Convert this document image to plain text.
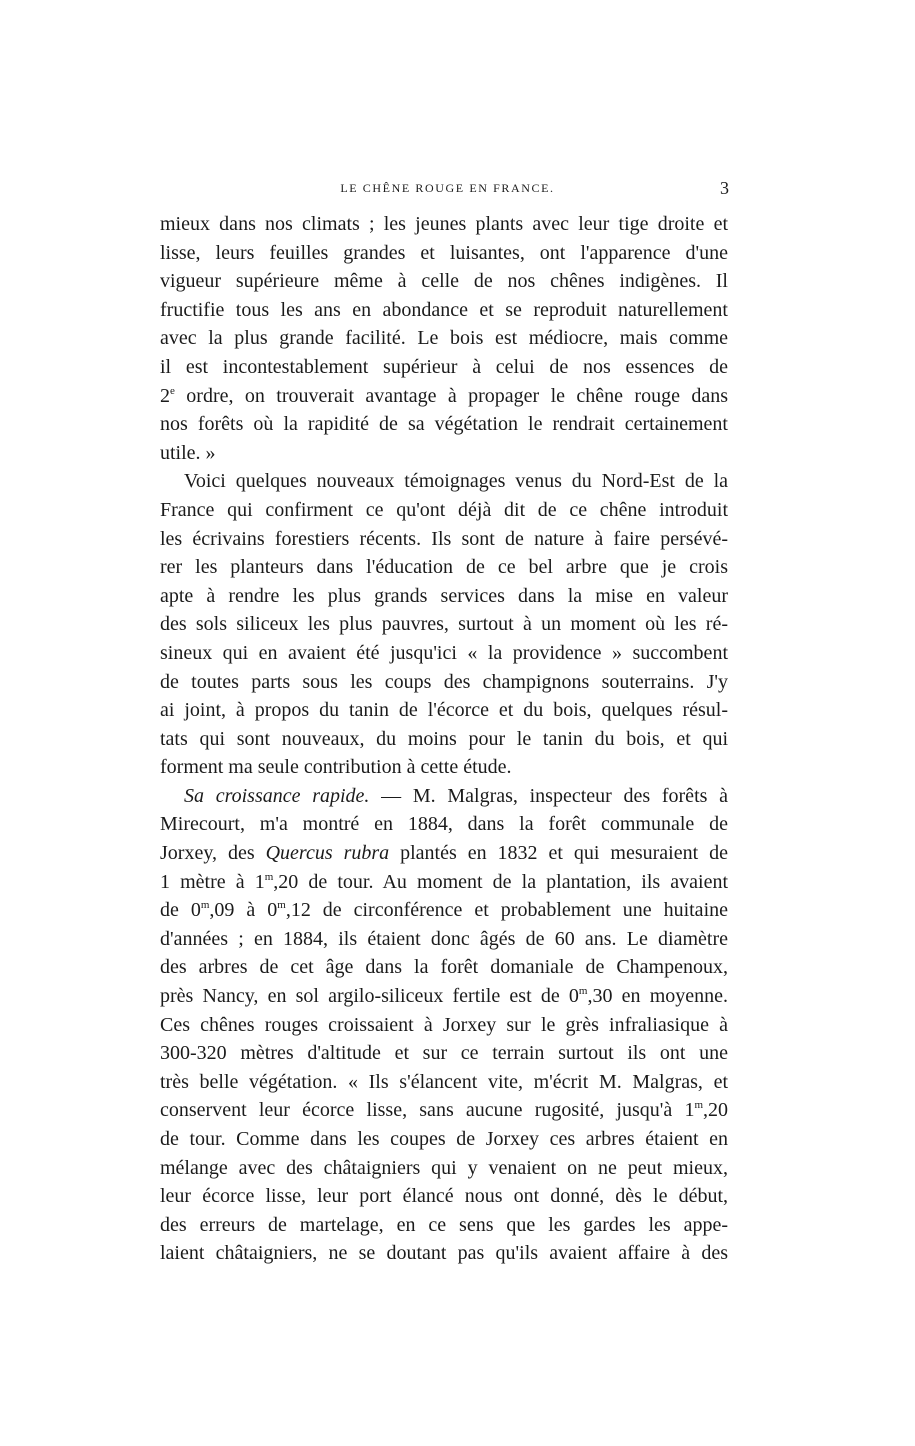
LE CHÊNE ROUGE EN FRANCE.	3
mieux dans nos climats ; les jeunes plants avec leur tige droite et
lisse, leurs feuilles grandes et luisantes, ont l'apparence d'une
vigueur supérieure même à celle de nos chênes indigènes. Il
fructifie tous les ans en abondance et se reproduit naturellement
avec la plus grande facilité. Le bois est médiocre, mais comme
il est incontestablement supérieur à celui de nos essences de
2e ordre, on trouverait avantage à propager le chêne rouge dans
nos forêts où la rapidité de sa végétation le rendrait certainement
utile. »
Voici quelques nouveaux témoignages venus du Nord-Est de la
France qui confirment ce qu'ont déjà dit de ce chêne introduit
les écrivains forestiers récents. Ils sont de nature à faire persévé-
rer les planteurs dans l'éducation de ce bel arbre que je crois
apte à rendre les plus grands services dans la mise en valeur
des sols siliceux les plus pauvres, surtout à un moment où les ré-
sineux qui en avaient été jusqu'ici « la providence » succombent
de toutes parts sous les coups des champignons souterrains. J'y
ai joint, à propos du tanin de l'écorce et du bois, quelques résul-
tats qui sont nouveaux, du moins pour le tanin du bois, et qui
forment ma seule contribution à cette étude.
Sa croissance rapide. — M. Malgras, inspecteur des forêts à
Mirecourt, m'a montré en 1884, dans la forêt communale de
Jorxey, des Quercus rubra plantés en 1832 et qui mesuraient de
1 mètre à 1$^m$,20 de tour. Au moment de la plantation, ils avaient
de 0$^m$,09 à 0$^m$,12 de circonférence et probablement une huitaine
d'années ; en 1884, ils étaient donc âgés de 60 ans. Le diamètre
des arbres de cet âge dans la forêt domaniale de Champenoux,
près Nancy, en sol argilo-siliceux fertile est de 0$^m$,30 en moyenne.
Ces chênes rouges croissaient à Jorxey sur le grès infraliasique à
300-320 mètres d'altitude et sur ce terrain surtout ils ont une
très belle végétation. « Ils s'élancent vite, m'écrit M. Malgras, et
conservent leur écorce lisse, sans aucune rugosité, jusqu'à 1$^m$,20
de tour. Comme dans les coupes de Jorxey ces arbres étaient en
mélange avec des châtaigniers qui y venaient on ne peut mieux,
leur écorce lisse, leur port élancé nous ont donné, dès le début,
des erreurs de martelage, en ce sens que les gardes les appe-
laient châtaigniers, ne se doutant pas qu'ils avaient affaire à des
